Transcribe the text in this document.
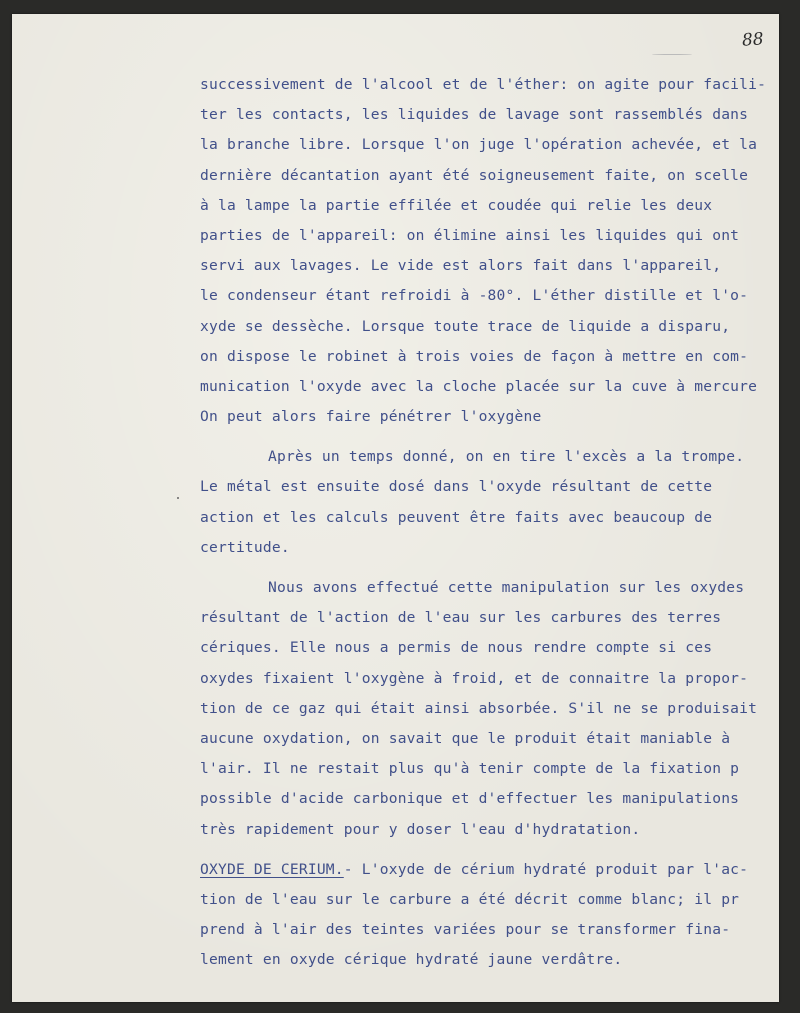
88
successivement de l'alcool et de l'éther: on agite pour facili-
ter les contacts, les liquides de lavage sont rassemblés dans
la branche libre. Lorsque l'on juge l'opération achevée, et la
dernière décantation ayant été soigneusement faite, on scelle
à la lampe la partie effilée et coudée qui relie les deux
parties de l'appareil: on élimine ainsi les liquides qui ont
servi aux lavages. Le vide est alors fait dans l'appareil,
le condenseur étant refroidi à -80°. L'éther distille et l'o-
xyde se dessèche. Lorsque toute trace de liquide a disparu,
on dispose le robinet à trois voies de façon à mettre en com-
munication l'oxyde avec la cloche placée sur la cuve à mercure
On peut alors faire pénétrer l'oxygène
Après un temps donné, on en tire l'excès a la trompe.
Le métal est ensuite dosé dans l'oxyde résultant de cette
action et les calculs peuvent être faits avec beaucoup de
certitude.
Nous avons effectué cette manipulation sur les oxydes
résultant de l'action de l'eau sur les carbures des terres
cériques. Elle nous a permis de nous rendre compte si ces
oxydes fixaient l'oxygène à froid, et de connaitre la propor-
tion de ce gaz qui était ainsi absorbée. S'il ne se produisait
aucune oxydation, on savait que le produit était maniable à
l'air. Il ne restait plus qu'à tenir compte de la fixation p
possible d'acide carbonique et d'effectuer les manipulations
très rapidement pour y doser l'eau d'hydratation.
OXYDE DE CERIUM.- L'oxyde de cérium hydraté produit par l'ac-
tion de l'eau sur le carbure a été décrit comme blanc; il pr
prend à l'air des teintes variées pour se transformer fina-
lement en oxyde cérique hydraté jaune verdâtre.
